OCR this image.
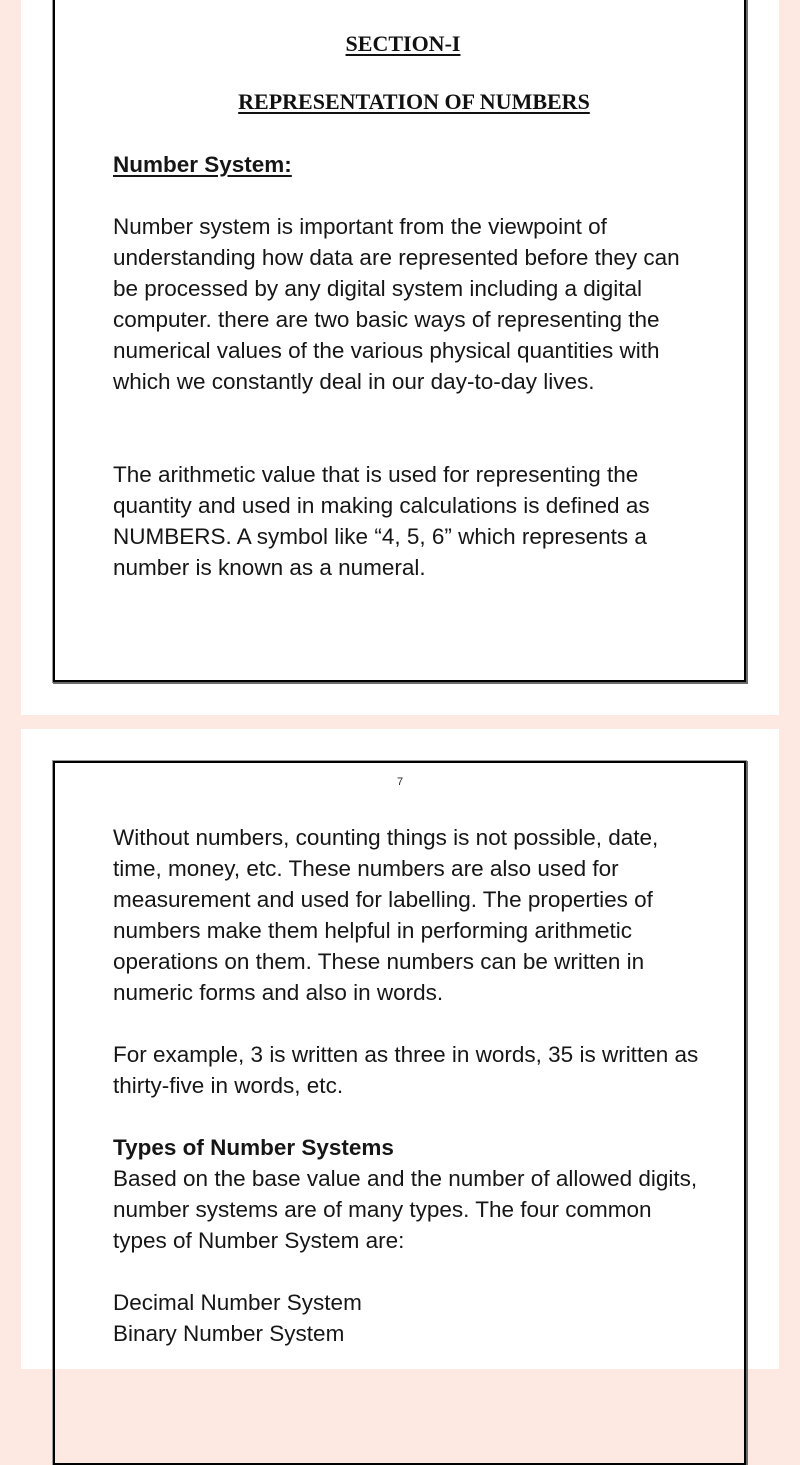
SECTION-I
REPRESENTATION OF NUMBERS

Number System:

Number system is important from the viewpoint of understanding how data are represented before they can be processed by any digital system including a digital computer. there are two basic ways of representing the numerical values of the various physical quantities with which we constantly deal in our day-to-day lives.

The arithmetic value that is used for representing the quantity and used in making calculations is defined as NUMBERS. A symbol like “4, 5, 6” which represents a number is known as a numeral.

7

Without numbers, counting things is not possible, date, time, money, etc. These numbers are also used for measurement and used for labelling. The properties of numbers make them helpful in performing arithmetic operations on them. These numbers can be written in numeric forms and also in words.

For example, 3 is written as three in words, 35 is written as thirty-five in words, etc.

Types of Number Systems
Based on the base value and the number of allowed digits, number systems are of many types. The four common types of Number System are:
Decimal Number System
Binary Number System
